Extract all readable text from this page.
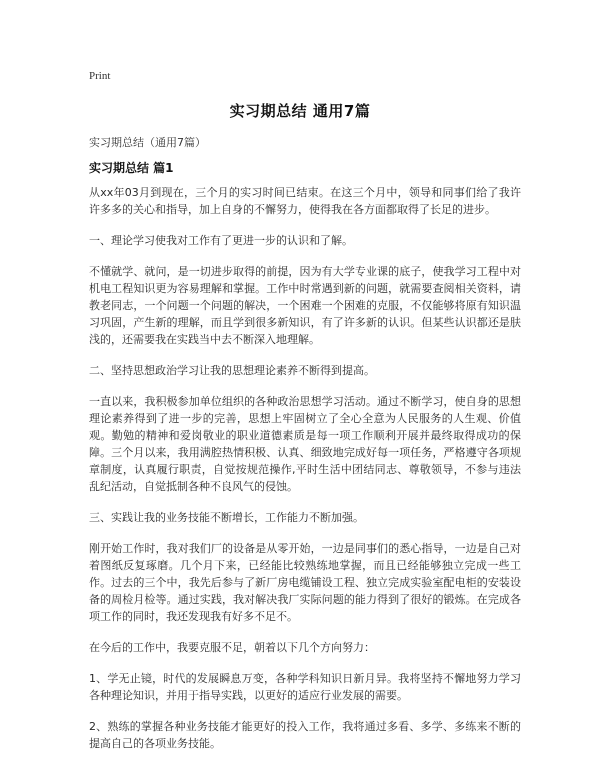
Print
实习期总结 通用7篇
实习期总结（通用7篇）
实习期总结 篇1

从xx年03月到现在，三个月的实习时间已结束。在这三个月中，领导和同事们给了我许许多多的关心和指导，加上自身的不懈努力，使得我在各方面都取得了长足的进步。

一、理论学习使我对工作有了更进一步的认识和了解。

不懂就学、就问，是一切进步取得的前提，因为有大学专业课的底子，使我学习工程中对机电工程知识更为容易理解和掌握。工作中时常遇到新的问题，就需要查阅相关资料，请教老同志，一个问题一个问题的解决，一个困难一个困难的克服，不仅能够将原有知识温习巩固，产生新的理解，而且学到很多新知识，有了许多新的认识。但某些认识都还是肤浅的，还需要我在实践当中去不断深入地理解。

二、坚持思想政治学习让我的思想理论素养不断得到提高。

一直以来，我积极参加单位组织的各种政治思想学习活动。通过不断学习，使自身的思想理论素养得到了进一步的完善，思想上牢固树立了全心全意为人民服务的人生观、价值观。勤勉的精神和爱岗敬业的职业道德素质是每一项工作顺利开展并最终取得成功的保障。三个月以来，我用满腔热情积极、认真、细致地完成好每一项任务，严格遵守各项规章制度，认真履行职责，自觉按规范操作,平时生活中团结同志、尊敬领导，不参与违法乱纪活动，自觉抵制各种不良风气的侵蚀。

三、实践让我的业务技能不断增长，工作能力不断加强。

刚开始工作时，我对我们厂的设备是从零开始，一边是同事们的悉心指导，一边是自己对着图纸反复琢磨。几个月下来，已经能比较熟练地掌握，而且已经能够独立完成一些工作。过去的三个中，我先后参与了新厂房电缆铺设工程、独立完成实验室配电柜的安装设备的周检月检等。通过实践，我对解决我厂实际问题的能力得到了很好的锻炼。在完成各项工作的同时，我还发现我有好多不足不。

在今后的工作中，我要克服不足，朝着以下几个方向努力：

1、学无止镜，时代的发展瞬息万变，各种学科知识日新月异。我将坚持不懈地努力学习各种理论知识，并用于指导实践，以更好的适应行业发展的需要。

2、熟练的掌握各种业务技能才能更好的投入工作，我将通过多看、多学、多练来不断的提高自己的各项业务技能。
